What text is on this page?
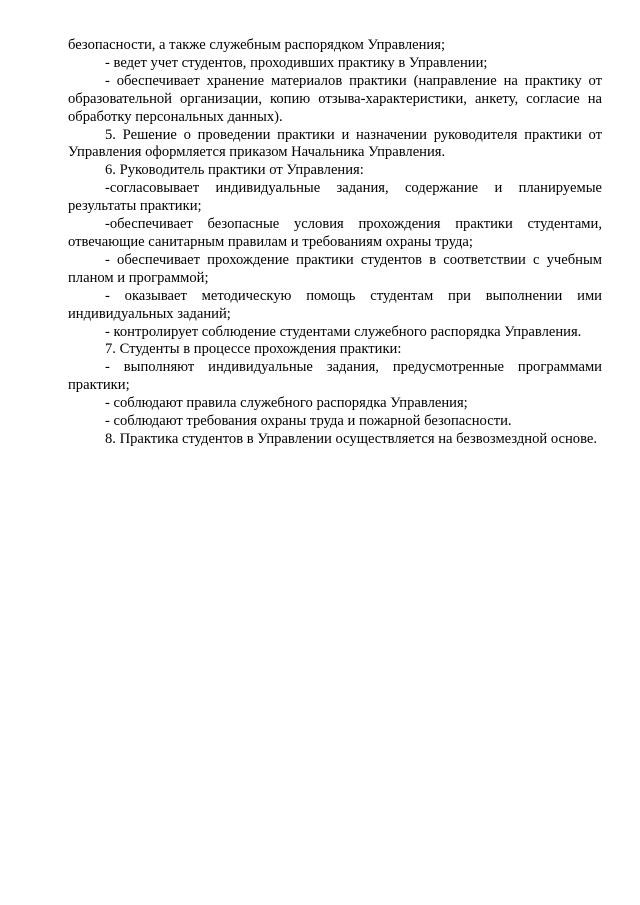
безопасности, а также служебным распорядком Управления;

- ведет учет студентов, проходивших практику в Управлении;

- обеспечивает хранение материалов практики (направление на практику от образовательной организации, копию отзыва-характеристики, анкету, согласие на обработку персональных данных).

5. Решение о проведении практики и назначении руководителя практики от Управления оформляется приказом Начальника Управления.

6. Руководитель практики от Управления:

-согласовывает индивидуальные задания, содержание и планируемые результаты практики;

-обеспечивает безопасные условия прохождения практики студентами, отвечающие санитарным правилам и требованиям охраны труда;

- обеспечивает прохождение практики студентов в соответствии с учебным планом и программой;

- оказывает методическую помощь студентам при выполнении ими индивидуальных заданий;

- контролирует соблюдение студентами служебного распорядка Управления.

7. Студенты в процессе прохождения практики:

- выполняют индивидуальные задания, предусмотренные программами практики;

- соблюдают правила служебного распорядка Управления;

- соблюдают требования охраны труда и пожарной безопасности.

8. Практика студентов в Управлении осуществляется на безвозмездной основе.
